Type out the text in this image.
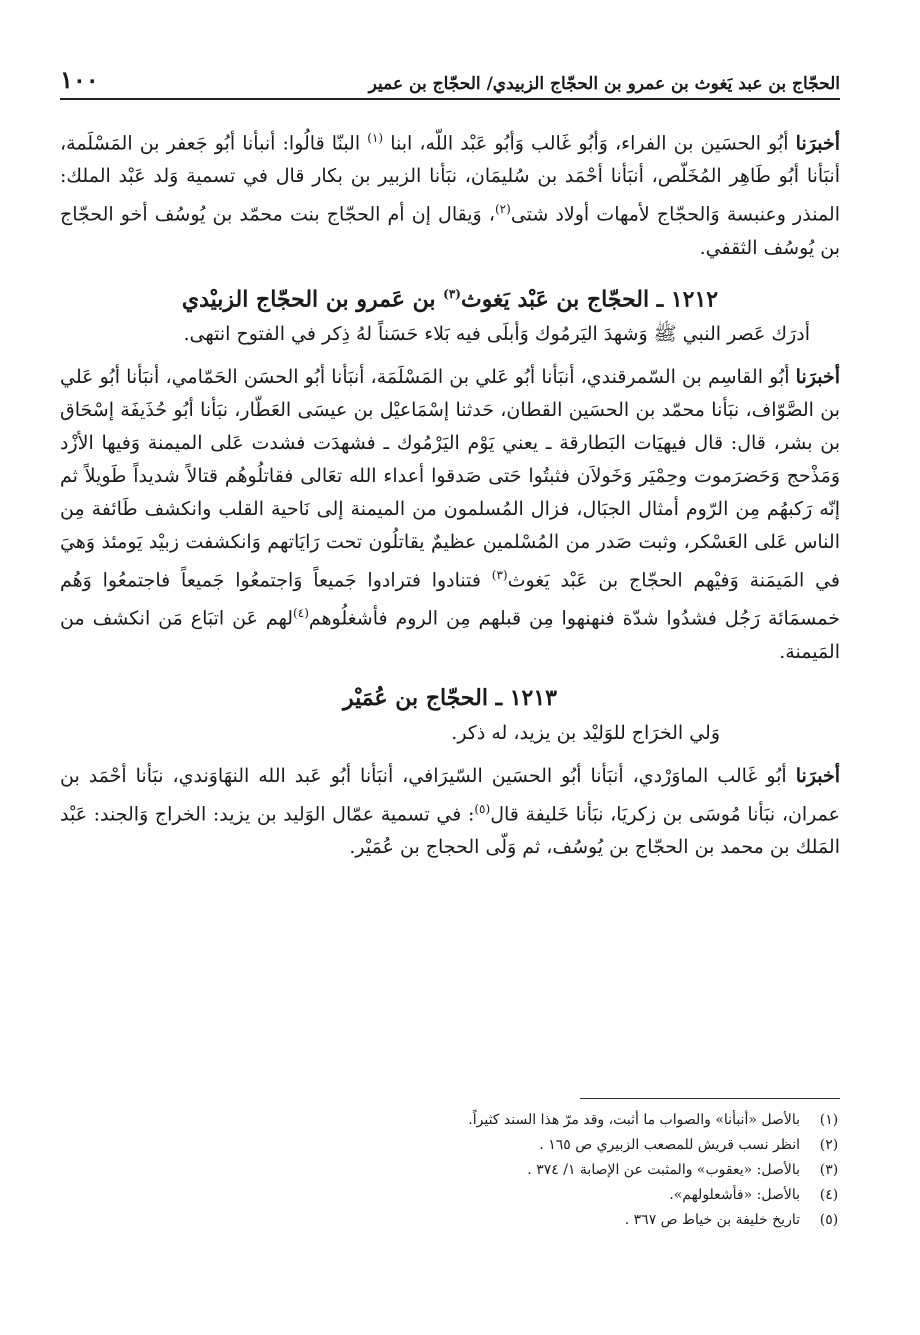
الحجّاج بن عبد يَغوث بن عمرو بن الحجّاج الزبيدي/ الحجّاج بن عمير
١٠٠

أخبرَنا أبُو الحسَين بن الفراء، وَأبُو غَالب وَأبُو عَبْد اللّه، ابنا $^{(١)}$ البنّا قالُوا: أنبأنا أبُو جَعفر بن المَسْلَمة، أنبَأنا أبُو طَاهِر المُخَلّص، أنبَأنا أحْمَد بن سُليمَان، نبَأنا الزبير بن بكار قال في تسمية وَلد عَبْد الملك: المنذر وعنبسة وَالحجّاج لأمهات أولاد شتى$^{(٢)}$، وَيقال إن أم الحجّاج بنت محمّد بن يُوسُف أخو الحجّاج بن يُوسُف الثقفي.

١٢١٢ ـ الحجّاج بن عَبْد يَغوث$^{(٣)}$ بن عَمرو بن الحجّاج الزبيْدي

أدرَك عَصر النبي ﷺ وَشهدَ اليَرمُوك وَأبلَى فيه بَلاء حَسَناً لهُ ذِكر في الفتوح انتهى.

أخبرَنا أبُو القاسِم بن السّمرقندي، أنبَأنا أبُو عَلي بن المَسْلَمَة، أنبَأنا أبُو الحسَن الحَمّامي، أنبَأنا أبُو عَلي بن الصَّوّاف، نبَأنا محمّد بن الحسَين القطان، حَدثنا إسْمَاعيْل بن عيسَى العَطّار، نبَأنا أبُو حُذَيفَة إسْحَاق بن بشر، قال: قال فيهيَات البَطارقة ـ يعني يَوْم اليَرْمُوك ـ فشهدَت فشدت عَلى الميمنة وَفيها الأزْد وَمَذْحج وَحَضرَموت وحِمْيَر وَخَولاَن فثبتُوا حَتى صَدقوا أعداء الله تعَالى فقاتلُوهُم قتالاً شديداً طَويلاً ثم إنّه رَكبهُم مِن الرّوم أمثال الجبَال، فزال المُسلمون من الميمنة إلى نَاحية القلب وانكشف طَائفة مِن الناس عَلى العَسْكر، وثبت صَدر من المُسْلمين عظيمٌ يقاتلُون تحت رَايَاتهم وَانكشفت زبيْد يَومئذ وَهيَ في المَيمَنة وَفيْهم الحجّاج بن عَبْد يَغوث$^{(٣)}$ فتنادوا فترادوا جَميعاً وَاجتمعُوا جَميعاً فاجتمعُوا وَهُم خمسمَائة رَجُل فشدُوا شدّة فنهنهوا مِن قبلهم مِن الروم فأشغلُوهم$^{(٤)}$لهم عَن اتبَاع مَن انكشف من المَيمنة.

١٢١٣ ـ الحجّاج بن عُمَيْر

وَلي الخرَاج للوَليْد بن يزيد، له ذكر.

أخبرَنا أبُو غَالب الماوَرْدي، أنبَأنا أبُو الحسَين السّيرَافي، أنبَأنا أبُو عَبد الله النهَاوَندي، نبَأنا أحْمَد بن عمران، نبَأنا مُوسَى بن زكريَا، نبَأنا خَليفة قال$^{(٥)}$: في تسمية عمّال الوَليد بن يزيد: الخراج وَالجند: عَبْد المَلك بن محمد بن الحجّاج بن يُوسُف، ثم وَلّى الحجاج بن عُمَيْر.

(١)
بالأصل «أنبأنا» والصواب ما أثبت، وقد مرّ هذا السند كثيراً.
(٢)
انظر نسب قريش للمصعب الزبيري ص ١٦٥ .
(٣)
بالأصل: «يعقوب» والمثبت عن الإصابة ١/ ٣٧٤ .
(٤)
بالأصل: «فأشعلولهم».
(٥)
تاريخ خليفة بن خياط ص ٣٦٧ .
